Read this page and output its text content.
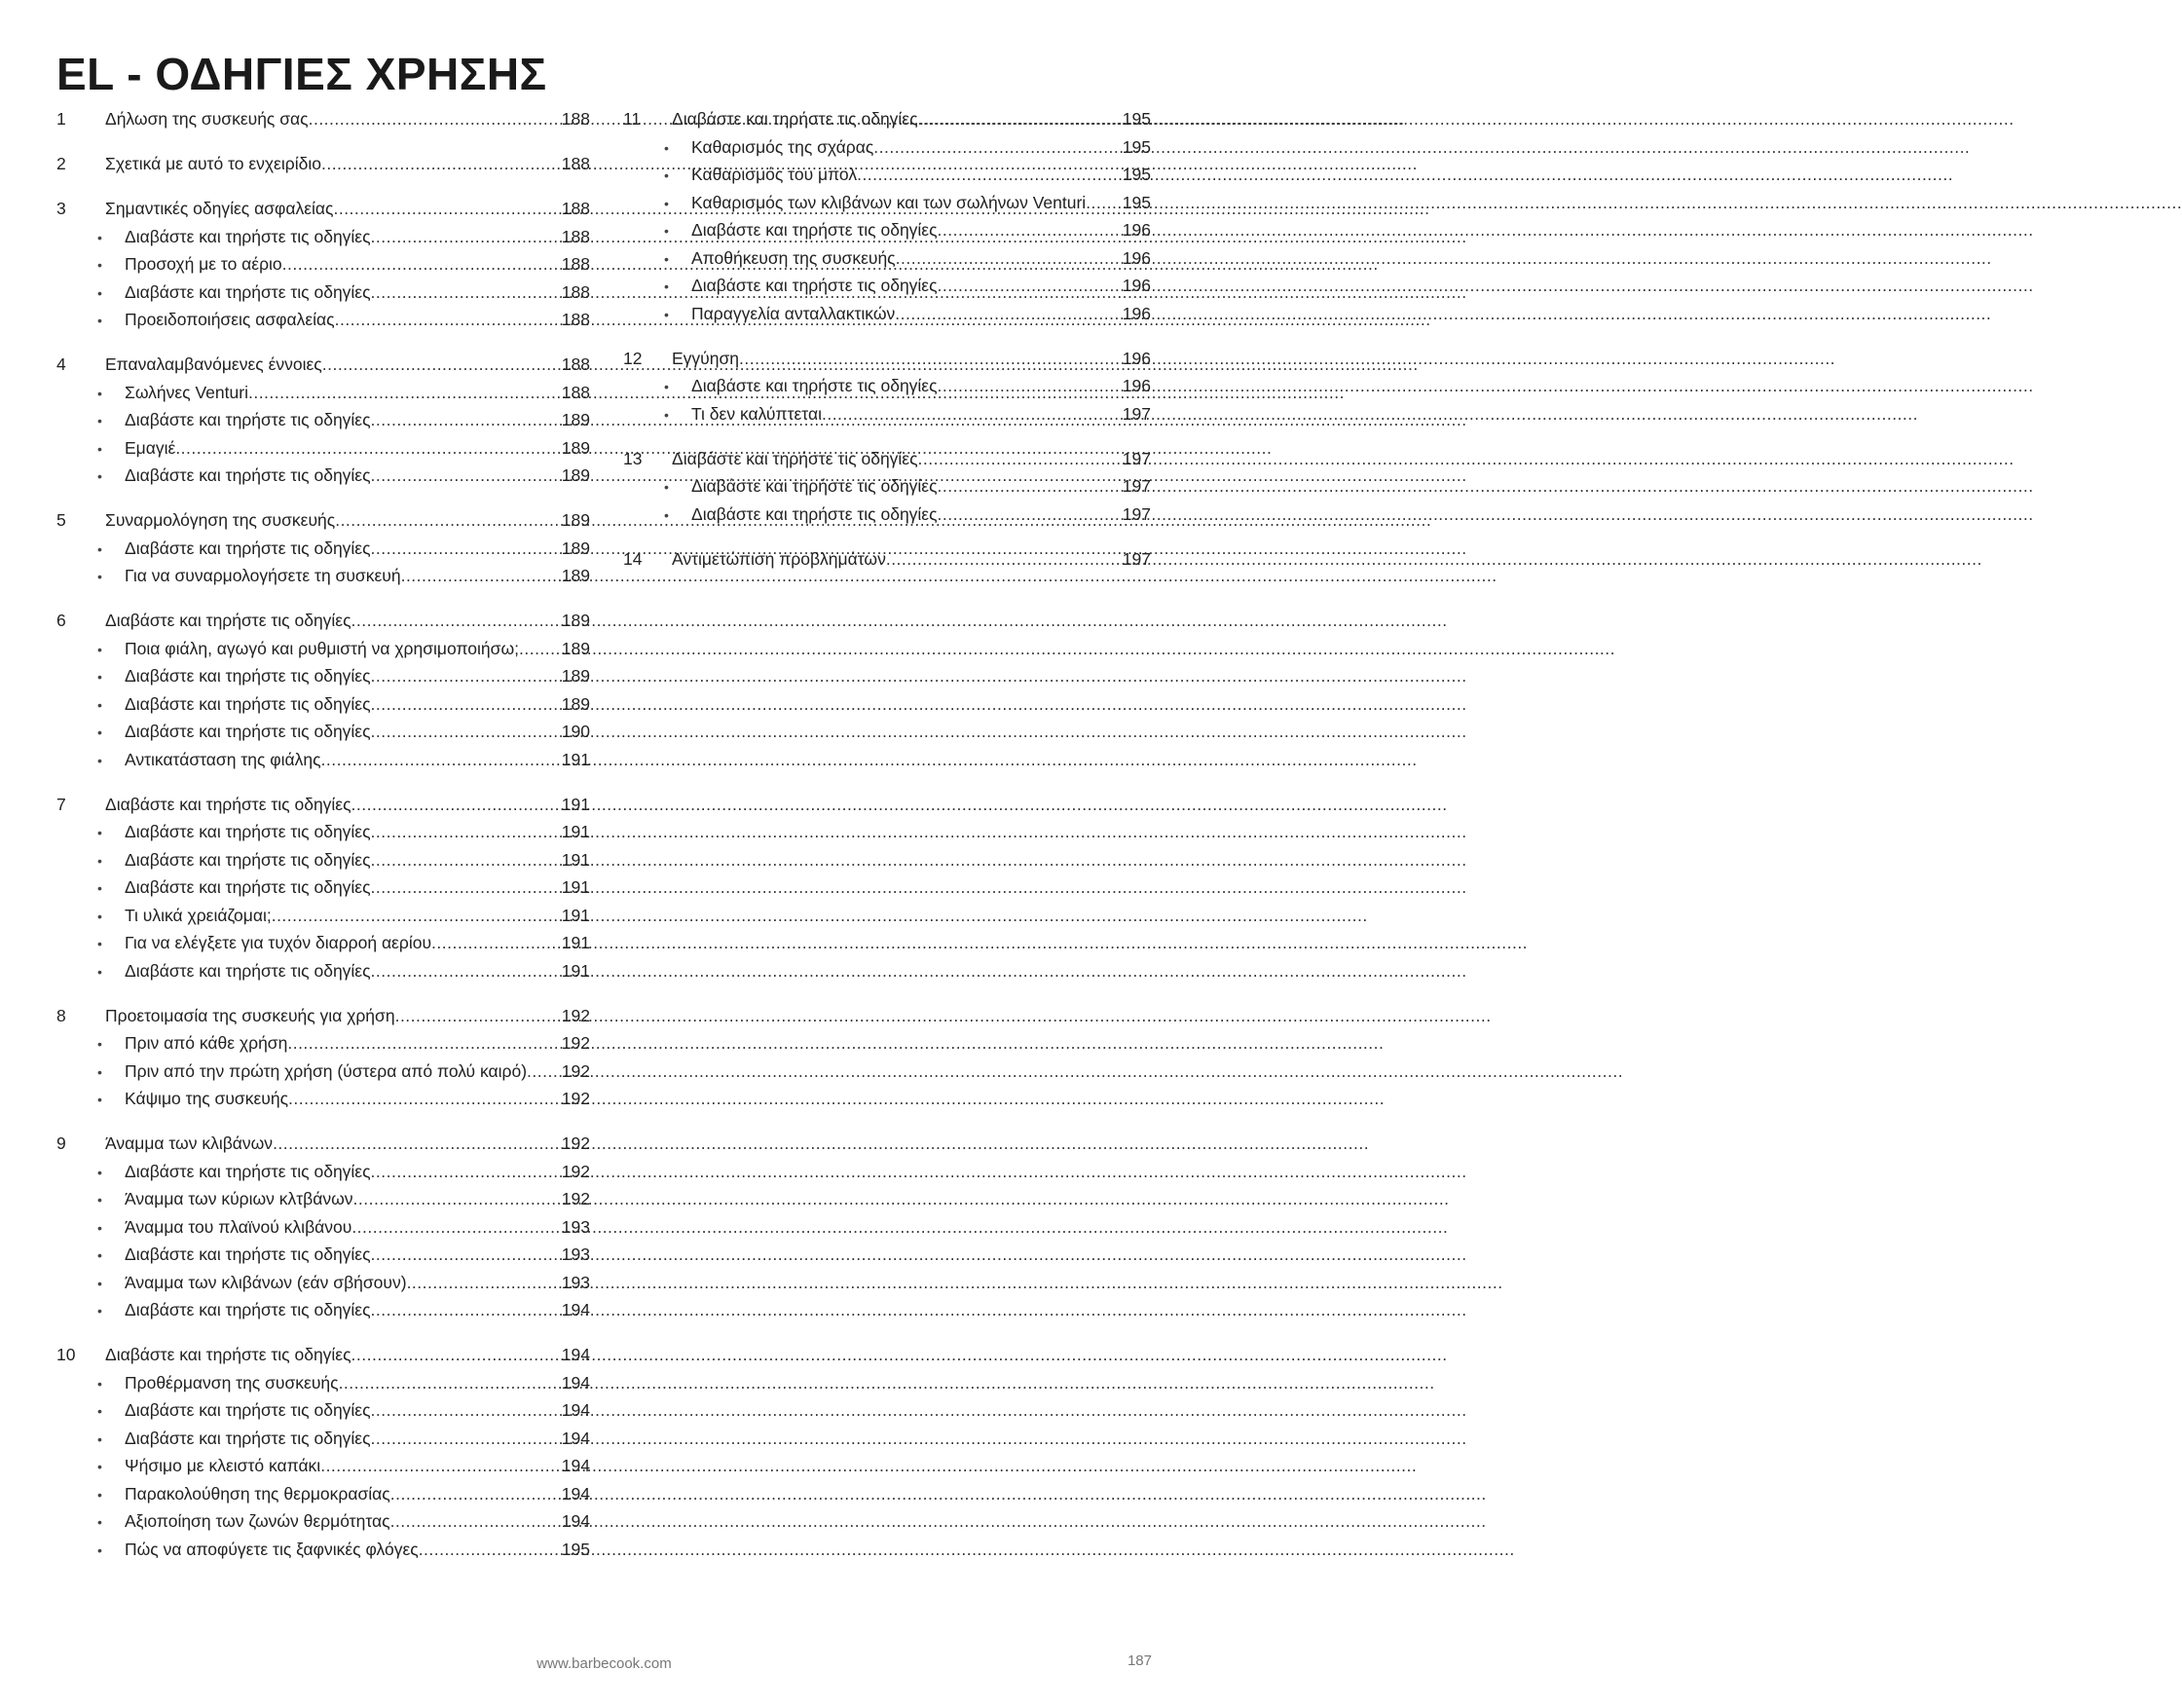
EL - ΟΔΗΓΙΕΣ ΧΡΗΣΗΣ
1	Δήλωση της συσκευής σας .....	188
2	Σχετικά με αυτό το ενχειρίδιο .....	188
3	Σημαντικές οδηγίες ασφαλείας .....	188
•	Διαβάστε και τηρήστε τις οδηγίες .....	188
•	Προσοχή με το αέριο .....	188
•	Διαβάστε και τηρήστε τις οδηγίες .....	188
•	Προειδοποιήσεις ασφαλείας .....	188
4	Επαναλαμβανόμενες έννοιες .....	188
•	Σωλήνες Venturi .....	188
•	Διαβάστε και τηρήστε τις οδηγίες .....	189
•	Εμαγιέ .....	189
•	Διαβάστε και τηρήστε τις οδηγίες .....	189
5	Συναρμολόγηση της συσκευής .....	189
•	Διαβάστε και τηρήστε τις οδηγίες .....	189
•	Για να συναρμολογήσετε τη συσκευή .....	189
6	Διαβάστε και τηρήστε τις οδηγίες .....	189
•	Ποια φιάλη, αγωγό και ρυθμιστή να χρησιμοποιήσω; .....	189
•	Διαβάστε και τηρήστε τις οδηγίες .....	189
•	Διαβάστε και τηρήστε τις οδηγίες .....	189
•	Διαβάστε και τηρήστε τις οδηγίες .....	190
•	Αντικατάσταση της φιάλης .....	191
7	Διαβάστε και τηρήστε τις οδηγίες .....	191
•	Διαβάστε και τηρήστε τις οδηγίες .....	191
•	Διαβάστε και τηρήστε τις οδηγίες .....	191
•	Διαβάστε και τηρήστε τις οδηγίες .....	191
•	Τι υλικά χρειάζομαι; .....	191
•	Για να ελέγξετε για τυχόν διαρροή αερίου .....	191
•	Διαβάστε και τηρήστε τις οδηγίες .....	191
8	Προετοιμασία της συσκευής για χρήση .....	192
•	Πριν από κάθε χρήση .....	192
•	Πριν από την πρώτη χρήση (ύστερα από πολύ καιρό) ..... 192
•	Κάψιμο της συσκευής .....	192
9	Άναμμα των κλιβάνων .....	192
•	Διαβάστε και τηρήστε τις οδηγίες .....	192
•	Άναμμα των κύριων κλτβάνων .....	192
•	Άναμμα του πλαϊνού κλιβάνου .....	193
•	Διαβάστε και τηρήστε τις οδηγίες .....	193
•	Άναμμα των κλιβάνων (εάν σβήσουν) .....	193
•	Διαβάστε και τηρήστε τις οδηγίες .....	194
10	Διαβάστε και τηρήστε τις οδηγίες .....	194
•	Προθέρμανση της συσκευής .....	194
•	Διαβάστε και τηρήστε τις οδηγίες .....	194
•	Διαβάστε και τηρήστε τις οδηγίες .....	194
•	Ψήσιμο με κλειστό καπάκι .....	194
•	Παρακολούθηση της θερμοκρασίας .....	194
•	Αξιοποίηση των ζωνών θερμότητας .....	194
•	Πώς να αποφύγετε τις ξαφνικές φλόγες .....	195
11	Διαβάστε και τηρήστε τις οδηγίες .....	195
•	Καθαρισμός της σχάρας .....	195
•	Καθαρισμός του μπολ .....	195
•	Καθαρισμός των κλιβάνων και των σωλήνων Venturi ..... 195
•	Διαβάστε και τηρήστε τις οδηγίες .....	196
•	Αποθήκευση της συσκευής .....	196
•	Διαβάστε και τηρήστε τις οδηγίες .....	196
•	Παραγγελία ανταλλακτικών .....	196
12	Εγγύηση .....	196
•	Διαβάστε και τηρήστε τις οδηγίες .....	196
•	Τι δεν καλύπτεται .....	197
13	Διαβάστε και τηρήστε τις οδηγίες .....	197
•	Διαβάστε και τηρήστε τις οδηγίες .....	197
•	Διαβάστε και τηρήστε τις οδηγίες .....	197
14	Αντιμετώπιση προβλημάτων .....	197
www.barbecook.com	187
